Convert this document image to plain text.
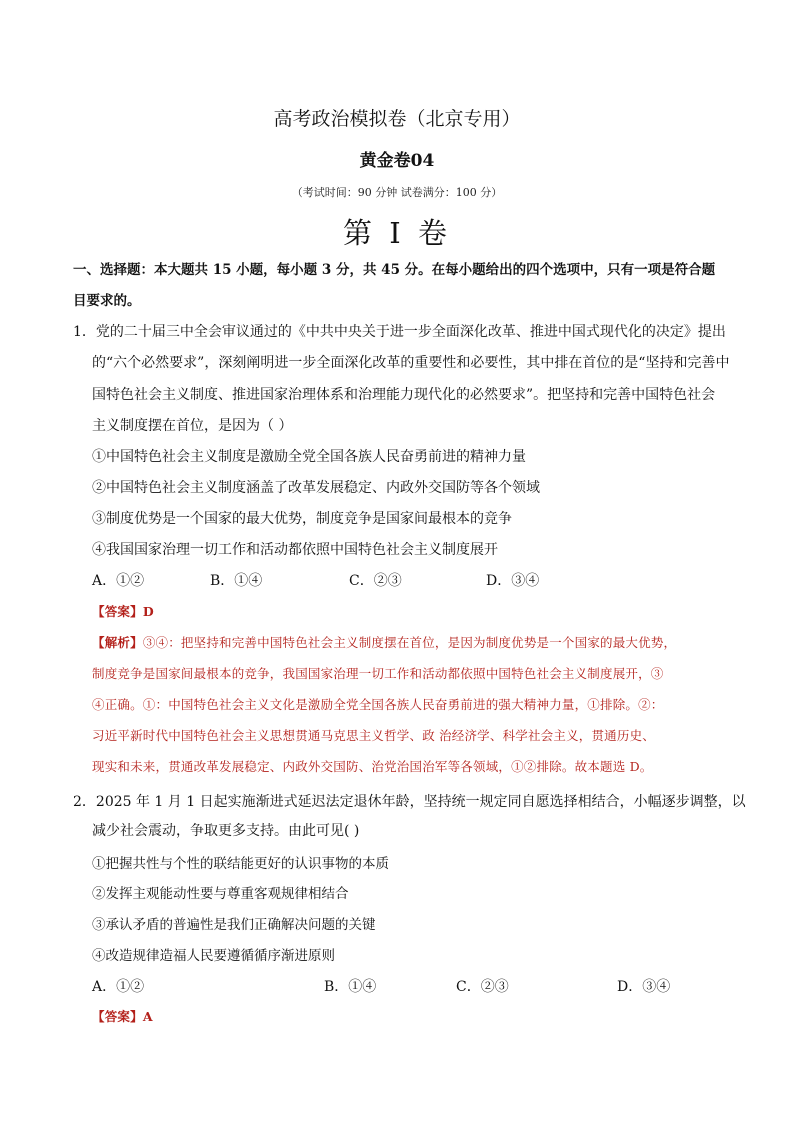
高考政治模拟卷（北京专用）
黄金卷04
（考试时间：90 分钟 试卷满分：100 分）
第 I 卷
一、选择题：本大题共 15 小题，每小题 3 分，共 45 分。在每小题给出的四个选项中，只有一项是符合题
目要求的。
1．党的二十届三中全会审议通过的《中共中央关于进一步全面深化改革、推进中国式现代化的决定》提出
的“六个必然要求”，深刻阐明进一步全面深化改革的重要性和必要性，其中排在首位的是“坚持和完善中
国特色社会主义制度、推进国家治理体系和治理能力现代化的必然要求”。把坚持和完善中国特色社会
主义制度摆在首位，是因为（ ）
①中国特色社会主义制度是激励全党全国各族人民奋勇前进的精神力量
②中国特色社会主义制度涵盖了改革发展稳定、内政外交国防等各个领域
③制度优势是一个国家的最大优势，制度竞争是国家间最根本的竞争
④我国国家治理一切工作和活动都依照中国特色社会主义制度展开
A．①②	B．①④	C．②③	D．③④
【答案】D
【解析】③④：把坚持和完善中国特色社会主义制度摆在首位，是因为制度优势是一个国家的最大优势，
制度竞争是国家间最根本的竞争，我国国家治理一切工作和活动都依照中国特色社会主义制度展开，③
④正确。①：中国特色社会主义文化是激励全党全国各族人民奋勇前进的强大精神力量，①排除。②：
习近平新时代中国特色社会主义思想贯通马克思主义哲学、政 治经济学、科学社会主义，贯通历史、
现实和未来，贯通改革发展稳定、内政外交国防、治党治国治军等各领域，①②排除。故本题选 D。
2．2025 年 1 月 1 日起实施渐进式延迟法定退休年龄，坚持统一规定同自愿选择相结合，小幅逐步调整，以
减少社会震动，争取更多支持。由此可见( )
①把握共性与个性的联结能更好的认识事物的本质
②发挥主观能动性要与尊重客观规律相结合
③承认矛盾的普遍性是我们正确解决问题的关键
④改造规律造福人民要遵循循序渐进原则
A．①②	B．①④	C．②③	D．③④
【答案】A
